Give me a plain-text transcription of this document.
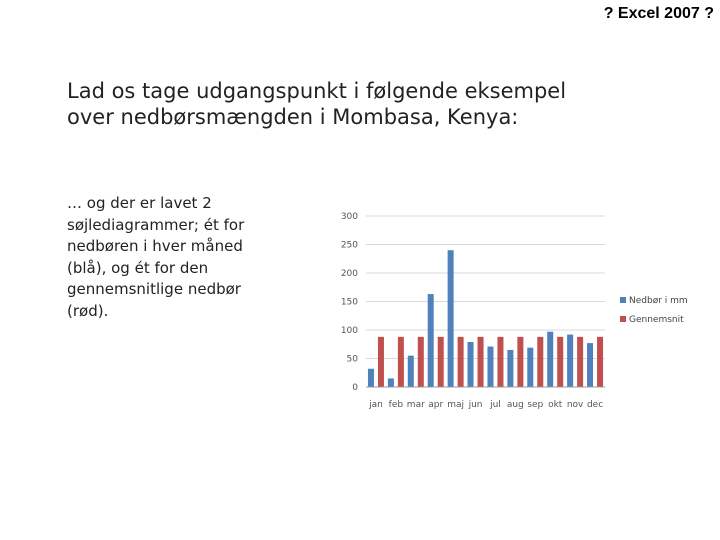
? Excel 2007 ?
Lad os tage udgangspunkt i følgende eksempel
over nedbørsmængden i Mombasa, Kenya:
… og der er lavet 2
søjlediagrammer; ét for
nedbøren i hver måned
(blå), og ét for den
gennemsnitlige nedbør
(rød).
0
50
100
150
200
250
300
jan feb mar apr maj jun jul aug sep okt nov dec
Nedbør i mm
Gennemsnit
